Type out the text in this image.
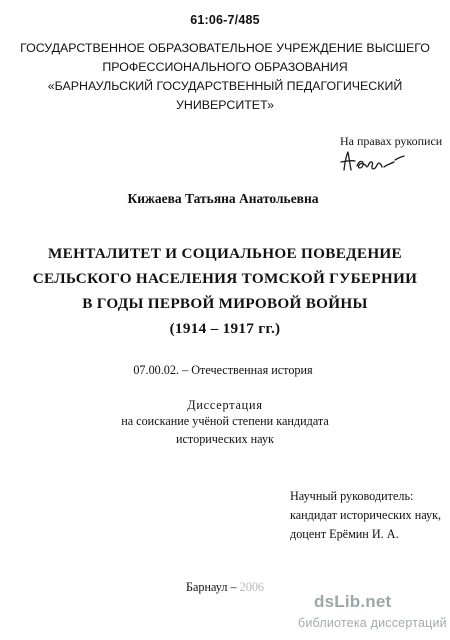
61:06-7/485
ГОСУДАРСТВЕННОЕ ОБРАЗОВАТЕЛЬНОЕ УЧРЕЖДЕНИЕ ВЫСШЕГО
ПРОФЕССИОНАЛЬНОГО ОБРАЗОВАНИЯ
«БАРНАУЛЬСКИЙ ГОСУДАРСТВЕННЫЙ ПЕДАГОГИЧЕСКИЙ
УНИВЕРСИТЕТ»
На правах рукописи
Кижаева Татьяна Анатольевна
МЕНТАЛИТЕТ И СОЦИАЛЬНОЕ ПОВЕДЕНИЕ
СЕЛЬСКОГО НАСЕЛЕНИЯ ТОМСКОЙ ГУБЕРНИИ
В ГОДЫ ПЕРВОЙ МИРОВОЙ ВОЙНЫ
(1914 – 1917 гг.)
07.00.02. – Отечественная история
Диссертация
на соискание учёной степени кандидата
исторических наук
Научный руководитель:
кандидат исторических наук,
доцент Ерёмин И. А.
Барнаул – 2006
dsLib.net
библиотека диссертаций
